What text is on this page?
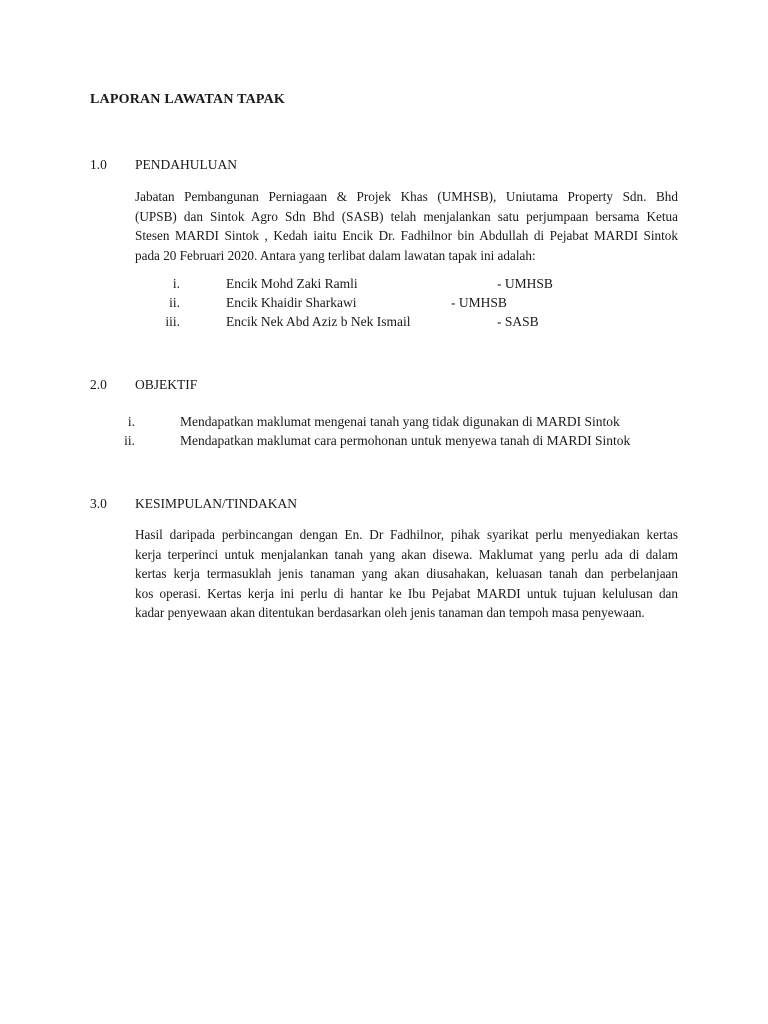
LAPORAN LAWATAN TAPAK
1.0 PENDAHULUAN
Jabatan Pembangunan Perniagaan & Projek Khas (UMHSB), Uniutama Property Sdn. Bhd
(UPSB) dan Sintok Agro Sdn Bhd (SASB) telah menjalankan satu perjumpaan bersama Ketua
Stesen MARDI Sintok , Kedah iaitu Encik Dr. Fadhilnor bin Abdullah di Pejabat MARDI Sintok
pada 20 Februari 2020. Antara yang terlibat dalam lawatan tapak ini adalah:
i.	Encik Mohd Zaki Ramli	- UMHSB
ii.	Encik Khaidir Sharkawi	- UMHSB
iii.	Encik Nek Abd Aziz b Nek Ismail	- SASB
2.0 OBJEKTIF
i.	Mendapatkan maklumat mengenai tanah yang tidak digunakan di MARDI Sintok
ii.	Mendapatkan maklumat cara permohonan untuk menyewa tanah di MARDI Sintok
3.0 KESIMPULAN/TINDAKAN
Hasil daripada perbincangan dengan En. Dr Fadhilnor, pihak syarikat perlu menyediakan kertas
kerja terperinci untuk menjalankan tanah yang akan disewa. Maklumat yang perlu ada di dalam
kertas kerja termasuklah jenis tanaman yang akan diusahakan, keluasan tanah dan perbelanjaan
kos operasi. Kertas kerja ini perlu di hantar ke Ibu Pejabat MARDI untuk tujuan kelulusan dan
kadar penyewaan akan ditentukan berdasarkan oleh jenis tanaman dan tempoh masa penyewaan.
